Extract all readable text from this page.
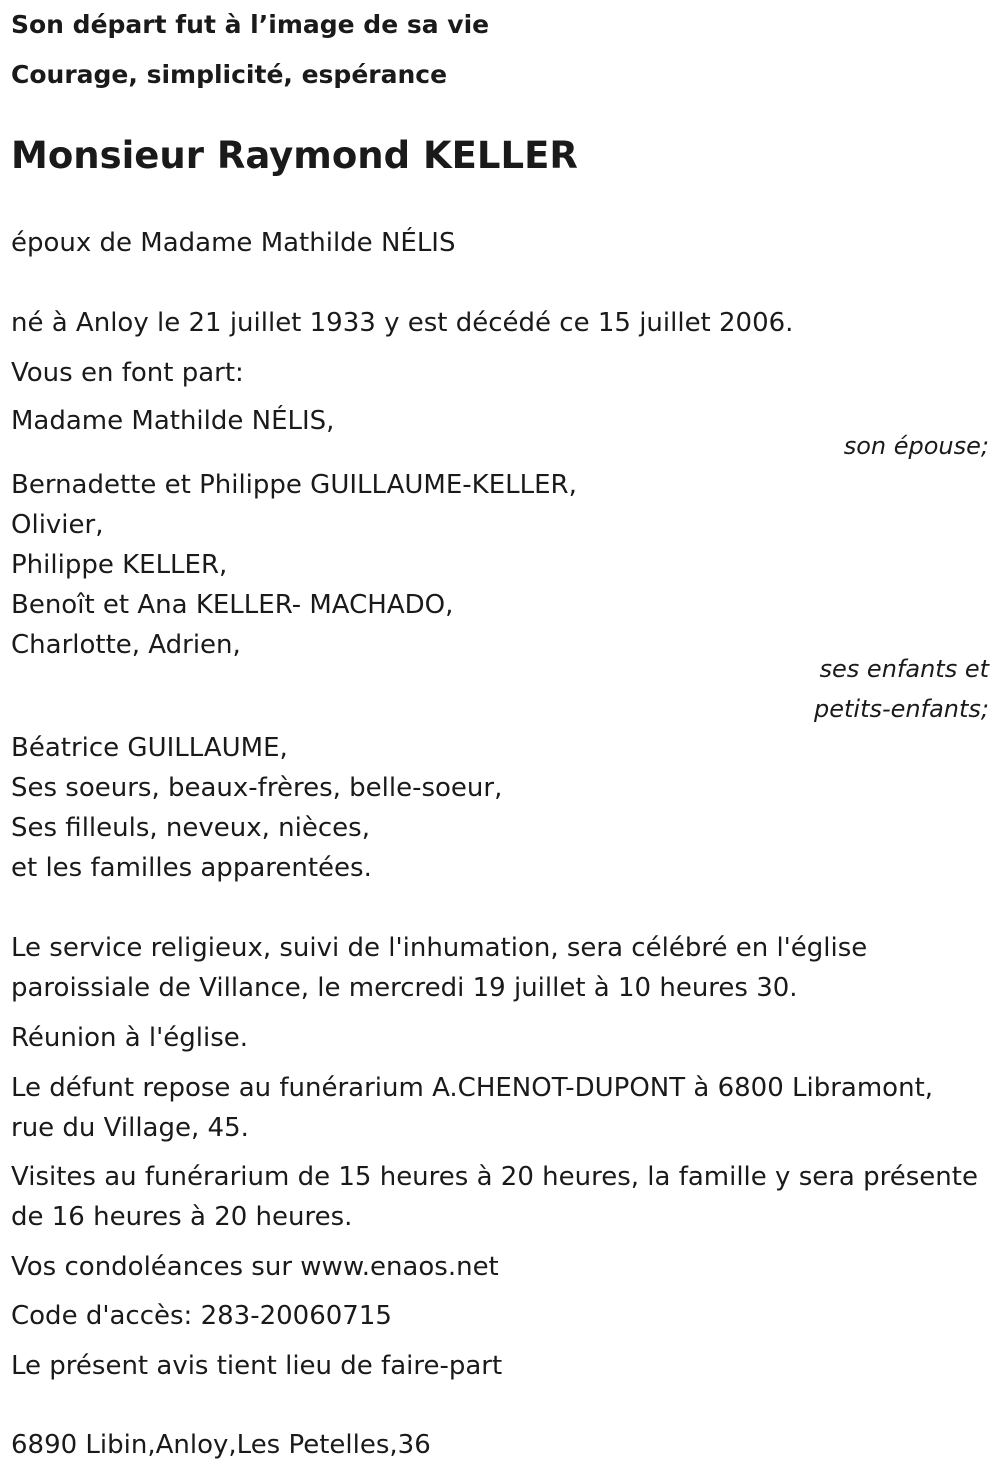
Son départ fut à l’image de sa vie
Courage, simplicité, espérance
Monsieur Raymond KELLER
époux de Madame Mathilde NÉLIS
né à Anloy le 21 juillet 1933 y est décédé ce 15 juillet 2006.
Vous en font part:
Madame Mathilde NÉLIS,
son épouse;
Bernadette et Philippe GUILLAUME-KELLER,
Olivier,
Philippe KELLER,
Benoît et Ana KELLER- MACHADO,
Charlotte, Adrien,
ses enfants et
petits-enfants;
Béatrice GUILLAUME,
Ses soeurs, beaux-frères, belle-soeur,
Ses filleuls, neveux, nièces,
et les familles apparentées.
Le service religieux, suivi de l'inhumation, sera célébré en l'église
paroissiale de Villance, le mercredi 19 juillet à 10 heures 30.
Réunion à l'église.
Le défunt repose au funérarium A.CHENOT-DUPONT à 6800 Libramont,
rue du Village, 45.
Visites au funérarium de 15 heures à 20 heures, la famille y sera présente
de 16 heures à 20 heures.
Vos condoléances sur www.enaos.net
Code d'accès: 283-20060715
Le présent avis tient lieu de faire-part
6890 Libin,Anloy,Les Petelles,36
